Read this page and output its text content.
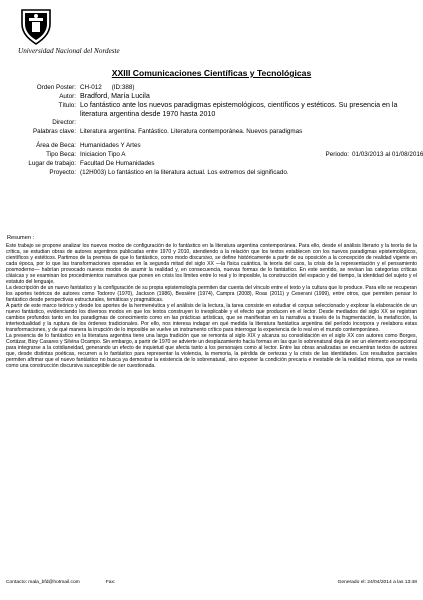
Universidad Nacional del Nordeste
XXIII Comunicaciones Científicas y Tecnológicas
Orden Poster: CH-012 (ID:388)
Autor: Bradford, María Lucila
Título: Lo fantástico ante los nuevos paradigmas epistemológicos, científicos y estéticos. Su presencia en la literatura argentina desde 1970 hasta 2010
Director:
Palabras clave: Literatura argentina. Fantástico. Literatura contemporánea. Nuevos paradigmas
Área de Beca: Humanidades Y Artes
Tipo Beca: Iniciacion Tipo A	Periodo: 01/03/2013 al 01/08/2016
Lugar de trabajo: Facultad De Humanidades
Proyecto: (12H003) Lo fantástico en la literatura actual. Los extremos del significado.
Resumen :

Este trabajo se propone analizar los nuevos modos de configuración de lo fantástico en la literatura argentina contemporánea. Para ello, desde el análisis literario y la teoría de la crítica, se estudian obras de autores argentinos publicadas entre 1970 y 2010, atendiendo a la relación que los textos establecen con los nuevos paradigmas epistemológicos, científicos y estéticos. Partimos de la premisa de que lo fantástico, como modo discursivo, se define históricamente a partir de su oposición a la concepción de realidad vigente en cada época, por lo que las transformaciones operadas en la segunda mitad del siglo XX —la física cuántica, la teoría del caos, la crisis de la representación y el pensamiento posmoderno— habrían provocado nuevos modos de asumir la realidad y, en consecuencia, nuevas formas de lo fantástico. En este sentido, se revisan las categorías críticas clásicas y se examinan los procedimientos narrativos que ponen en crisis los límites entre lo real y lo imposible, la construcción del espacio y del tiempo, la identidad del sujeto y el estatuto del lenguaje.

La descripción de un nuevo fantástico y la configuración de su propia epistemología permiten dar cuenta del vínculo entre el texto y la cultura que lo produce. Para ello se recuperan los aportes teóricos de autores como Todorov (1970), Jackson (1986), Bessière (1974), Campra (2008), Roas (2011) y Ceserani (1999), entre otros, que permiten pensar lo fantástico desde perspectivas estructurales, temáticas y pragmáticas.

A partir de este marco teórico y desde los aportes de la hermenéutica y el análisis de la lectura, la tarea consiste en estudiar el corpus seleccionado y explorar la elaboración de un nuevo fantástico, evidenciando los diversos modos en que los textos construyen lo inexplicable y el efecto que producen en el lector. Desde mediados del siglo XX se registran cambios profundos tanto en los paradigmas de conocimiento como en las prácticas artísticas, que se manifiestan en la narrativa a través de la fragmentación, la metaficción, la intertextualidad y la ruptura de los órdenes tradicionales. Por ello, nos interesa indagar en qué medida la literatura fantástica argentina del período incorpora y reelabora estas transformaciones, y de qué manera la irrupción de lo imposible se vuelve un instrumento crítico para interrogar la experiencia de lo real en el mundo contemporáneo.

La presencia de lo fantástico en la literatura argentina tiene una larga tradición que se remonta al siglo XIX y alcanza su consolidación en el siglo XX con autores como Borges, Cortázar, Bioy Casares y Silvina Ocampo. Sin embargo, a partir de 1970 se advierte un desplazamiento hacia formas en las que lo sobrenatural deja de ser un elemento excepcional para integrarse a la cotidianeidad, generando un efecto de inquietud que afecta tanto a los personajes como al lector. Entre las obras analizadas se encuentran textos de autores que, desde distintas poéticas, recurren a lo fantástico para representar la violencia, la memoria, la pérdida de certezas y la crisis de las identidades. Los resultados parciales permiten afirmar que el nuevo fantástico no busca ya demostrar la existencia de lo sobrenatural, sino exponer la condición precaria e inestable de la realidad misma, que se revela como una construcción discursiva susceptible de ser cuestionada.

Contacto: mala_bfd@hotmail.com	Fax:	Generado el: 24/04/2014 a las 13:48
